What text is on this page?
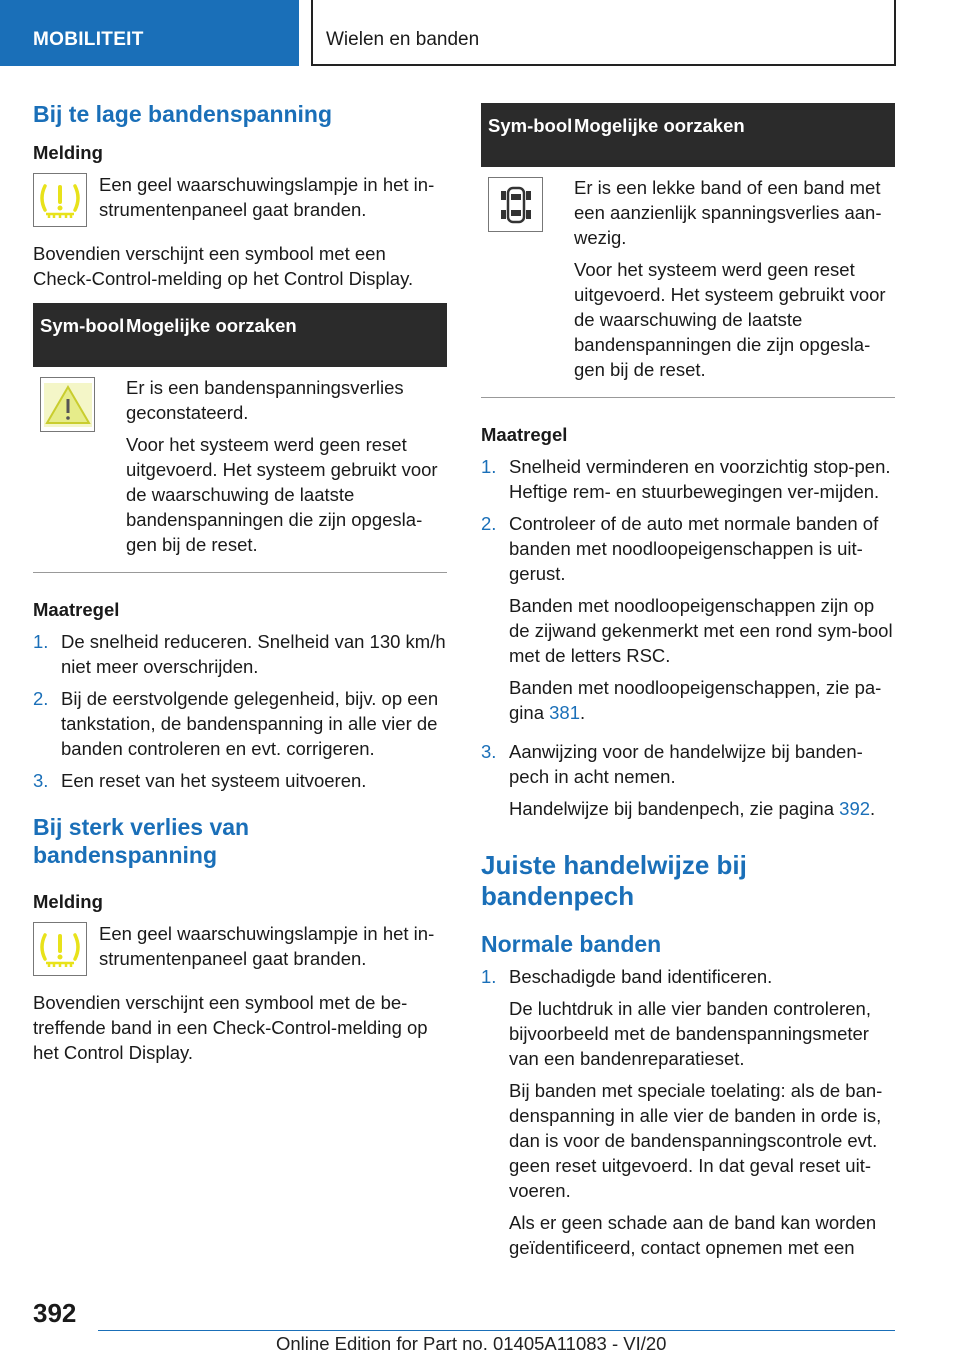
MOBILITEIT	Wielen en banden
Bij te lage bandenspanning
Melding

Een geel waarschuwingslampje in het in-strumentenpaneel gaat branden.

Bovendien verschijnt een symbool met een Check-Control-melding op het Control Display.

Sym-bool Mogelijke oorzaken

Er is een bandenspanningsverlies geconstateerd.

Voor het systeem werd geen reset uitgevoerd. Het systeem gebruikt voor de waarschuwing de laatste bandenspanningen die zijn opgesla-gen bij de reset.

Maatregel
1. De snelheid reduceren. Snelheid van 130 km/h niet meer overschrijden.
2. Bij de eerstvolgende gelegenheid, bijv. op een tankstation, de bandenspanning in alle vier de banden controleren en evt. corrigeren.
3. Een reset van het systeem uitvoeren.
Bij sterk verlies van bandenspanning
Melding

Een geel waarschuwingslampje in het in-strumentenpaneel gaat branden.

Bovendien verschijnt een symbool met de be-treffende band in een Check-Control-melding op het Control Display.

Sym-bool Mogelijke oorzaken

Er is een lekke band of een band met een aanzienlijk spanningsverlies aan-wezig.

Voor het systeem werd geen reset uitgevoerd. Het systeem gebruikt voor de waarschuwing de laatste bandenspanningen die zijn opgesla-gen bij de reset.

Maatregel
1. Snelheid verminderen en voorzichtig stop-pen. Heftige rem- en stuurbewegingen ver-mijden.
2. Controleer of de auto met normale banden of banden met noodloopeigenschappen is uit-gerust.

Banden met noodloopeigenschappen zijn op de zijwand gekenmerkt met een rond sym-bool met de letters RSC.

Banden met noodloopeigenschappen, zie pa-gina 381.

3. Aanwijzing voor de handelwijze bij banden-pech in acht nemen.

Handelwijze bij bandenpech, zie pagina 392.

Juiste handelwijze bij bandenpech
Normale banden
1. Beschadigde band identificeren.

De luchtdruk in alle vier banden controleren, bijvoorbeeld met de bandenspanningsmeter van een bandenreparatieset.

Bij banden met speciale toelating: als de ban-denspanning in alle vier de banden in orde is, dan is voor de bandenspanningscontrole evt. geen reset uitgevoerd. In dat geval reset uit-voeren.

Als er geen schade aan de band kan worden geïdentificeerd, contact opnemen met een

392
Online Edition for Part no. 01405A11083 - VI/20
